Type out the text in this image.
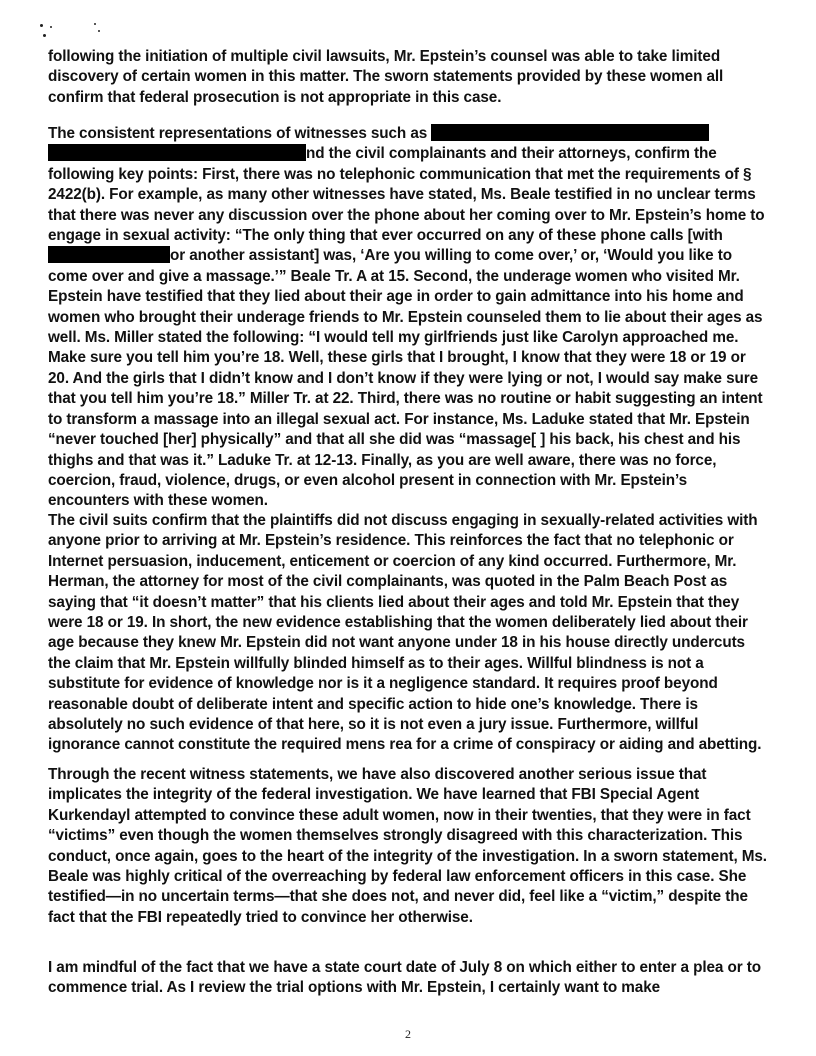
following the initiation of multiple civil lawsuits, Mr. Epstein’s counsel was able to take limited discovery of certain women in this matter. The sworn statements provided by these women all confirm that federal prosecution is not appropriate in this case.

The consistent representations of witnesses such as  nd the civil complainants and their attorneys, confirm the following key points: First, there was no telephonic communication that met the requirements of § 2422(b). For example, as many other witnesses have stated, Ms. Beale testified in no unclear terms that there was never any discussion over the phone about her coming over to Mr. Epstein’s home to engage in sexual activity: “The only thing that ever occurred on any of these phone calls [withor another assistant] was, ‘Are you willing to come over,’ or, ‘Would you like to come over and give a massage.’” Beale Tr. A at 15. Second, the underage women who visited Mr. Epstein have testified that they lied about their age in order to gain admittance into his home and women who brought their underage friends to Mr. Epstein counseled them to lie about their ages as well. Ms. Miller stated the following: “I would tell my girlfriends just like Carolyn approached me. Make sure you tell him you’re 18. Well, these girls that I brought, I know that they were 18 or 19 or 20. And the girls that I didn’t know and I don’t know if they were lying or not, I would say make sure that you tell him you’re 18.” Miller Tr. at 22. Third, there was no routine or habit suggesting an intent to transform a massage into an illegal sexual act. For instance, Ms. Laduke stated that Mr. Epstein “never touched [her] physically” and that all she did was “massage[ ] his back, his chest and his thighs and that was it.” Laduke Tr. at 12-13. Finally, as you are well aware, there was no force, coercion, fraud, violence, drugs, or even alcohol present in connection with Mr. Epstein’s encounters with these women.

The civil suits confirm that the plaintiffs did not discuss engaging in sexually-related activities with anyone prior to arriving at Mr. Epstein’s residence. This reinforces the fact that no telephonic or Internet persuasion, inducement, enticement or coercion of any kind occurred. Furthermore, Mr. Herman, the attorney for most of the civil complainants, was quoted in the Palm Beach Post as saying that “it doesn’t matter” that his clients lied about their ages and told Mr. Epstein that they were 18 or 19. In short, the new evidence establishing that the women deliberately lied about their age because they knew Mr. Epstein did not want anyone under 18 in his house directly undercuts the claim that Mr. Epstein willfully blinded himself as to their ages. Willful blindness is not a substitute for evidence of knowledge nor is it a negligence standard. It requires proof beyond reasonable doubt of deliberate intent and specific action to hide one’s knowledge. There is absolutely no such evidence of that here, so it is not even a jury issue. Furthermore, willful ignorance cannot constitute the required mens rea for a crime of conspiracy or aiding and abetting.

Through the recent witness statements, we have also discovered another serious issue that implicates the integrity of the federal investigation. We have learned that FBI Special Agent Kurkendayl attempted to convince these adult women, now in their twenties, that they were in fact “victims” even though the women themselves strongly disagreed with this characterization. This conduct, once again, goes to the heart of the integrity of the investigation. In a sworn statement, Ms. Beale was highly critical of the overreaching by federal law enforcement officers in this case. She testified—in no uncertain terms—that she does not, and never did, feel like a “victim,” despite the fact that the FBI repeatedly tried to convince her otherwise.

I am mindful of the fact that we have a state court date of July 8 on which either to enter a plea or to commence trial. As I review the trial options with Mr. Epstein, I certainly want to make

2
